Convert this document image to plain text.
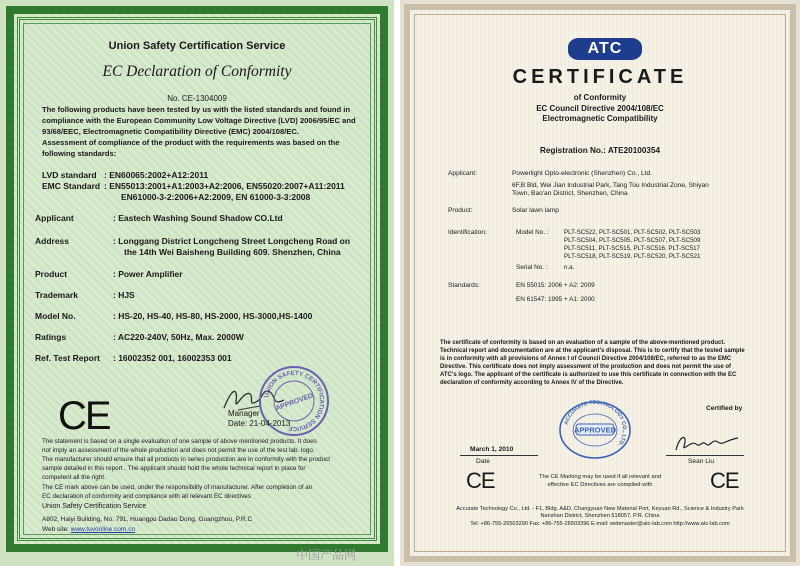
Union Safety Certification Service
EC Declaration of Conformity
No. CE-1304009
The following products have been tested by us with the listed standards and found in
compliance with the European Community Low Voltage Directive (LVD) 2006/95/EC and
93/68/EEC, Electromagnetic Compatibility Directive (EMC) 2004/108/EC.
Assessment of compliance of the product with the requirements was based on the
following standards:
LVD standard : EN60065:2002+A12:2011
EMC Standard : EN55013:2001+A1:2003+A2:2006, EN55020:2007+A11:2011
EN61000-3-2:2006+A2:2009, EN 61000-3-3:2008
Applicant	: Eastech Washing Sound Shadow CO.Ltd
Address	: Longgang District Longcheng Street Longcheng Road on
the 14th Wei Baisheng Building 609. Shenzhen, China
Product	: Power Amplifier
Trademark	: HJS
Model No.	: HS-20, HS-40, HS-80, HS-2000, HS-3000,HS-1400
Ratings	: AC220-240V, 50Hz, Max. 2000W
Ref. Test Report : 16002352 001, 16002353 001
CE	UNION SAFETY CERTIFICATION SERVICE
APPROVED
Manager
Date: 21-04-2013
The statement is based on a single evaluation of one sample of above mentioned products. It does
not imply an assessment of the whole production and does not permit the use of the test lab. logo.
The manufacturer should ensure that all products in series production are in conformity with the product
sample detailed in this report . The applicant should hold the whole technical report in place for
competent all the right.
The CE mark above can be used, under the responsibility of manufacturer. After completion of an
EC declaration of conformity and compliance with all relevant EC directives
Union Safety Certification Service
A802, Haiyi Building, No. 791, Huangpu Dadao Dong, Guangzhou, P.R.C
Web site: www.tuvonline.com.cn
中国产品网
ATC
CERTIFICATE
of Conformity
EC Council Directive 2004/108/EC
Electromagnetic Compatibility
Registration No.: ATE20100354
Applicant:	Powerlight Opto-electronic (Shenzhen) Co., Ltd.
6F,B Bld, Wei Jian Industrial Park, Tang Tou Industrial Zone, Shiyan
Town, Bao'an District, Shenzhen, China
Product:	Solar lawn lamp
Identification:	Model No. : PLT-SC522, PLT-SC501, PLT-SC502, PLT-SC503
PLT-SC504, PLT-SC505, PLT-SC507, PLT-SC509
PLT-SC511, PLT-SC515, PLT-SC516, PLT-SC517
PLT-SC518, PLT-SC519, PLT-SC520, PLT-SC521
Serial No. :	n.a.
Standards:	EN 55015: 2006 + A2: 2009
EN 61547: 1995 + A1: 2000
The certificate of conformity is based on an evaluation of a sample of the above-mentioned product.
Technical report and documentation are at the applicant's disposal. This is to certify that the tested sample
is in conformity with all provisions of Annex I of Council Directive 2004/108/EC, referred to as the EMC
Directive. This certificate does not imply assessment of the production and does not permit the use of
ATC's logo. The applicant of the certificate is authorized to use this certificate in connection with the EC
declaration of conformity according to Annex IV of the Directive.
Certified by
ACCURATE TECHNOLOGY CO., LTD.
APPROVED
March 1, 2010
Date	Sean Liu
CE	The CE Marking may be used if all relevant and
effective EC Directives are complied with	CE
Accurate Technology Co., Ltd. - F1, Bldg. A&D, Changyuan New Material Port, Keyuan Rd., Science & Industry Park
Nanshan District, Shenzhen 518057, P.R. China
Tel: +86-755-26503290 Fax: +86-755-26503396 E-mail: webmaster@atc-lab.com http://www.atc-lab.com
